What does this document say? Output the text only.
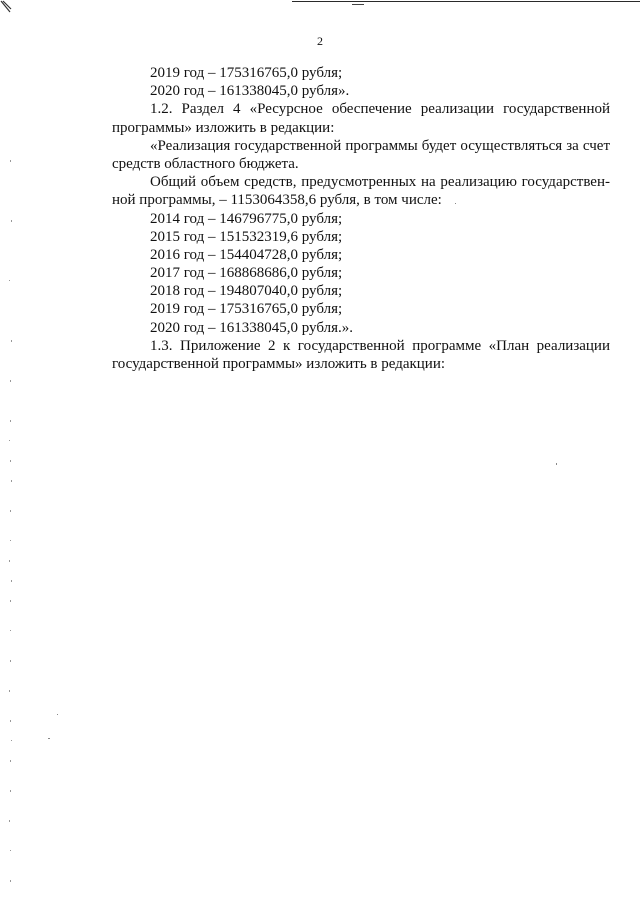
2
2019 год – 175316765,0 рубля;
2020 год – 161338045,0 рубля».
1.2. Раздел 4 «Ресурсное обеспечение реализации государственной
программы» изложить в редакции:
«Реализация государственной программы будет осуществляться за счет
средств областного бюджета.
Общий объем средств, предусмотренных на реализацию государствен-
ной программы, – 1153064358,6 рубля, в том числе:
2014 год – 146796775,0 рубля;
2015 год – 151532319,6 рубля;
2016 год – 154404728,0 рубля;
2017 год – 168868686,0 рубля;
2018 год – 194807040,0 рубля;
2019 год – 175316765,0 рубля;
2020 год – 161338045,0 рубля.».
1.3. Приложение 2 к государственной программе «План реализации
государственной программы» изложить в редакции:
